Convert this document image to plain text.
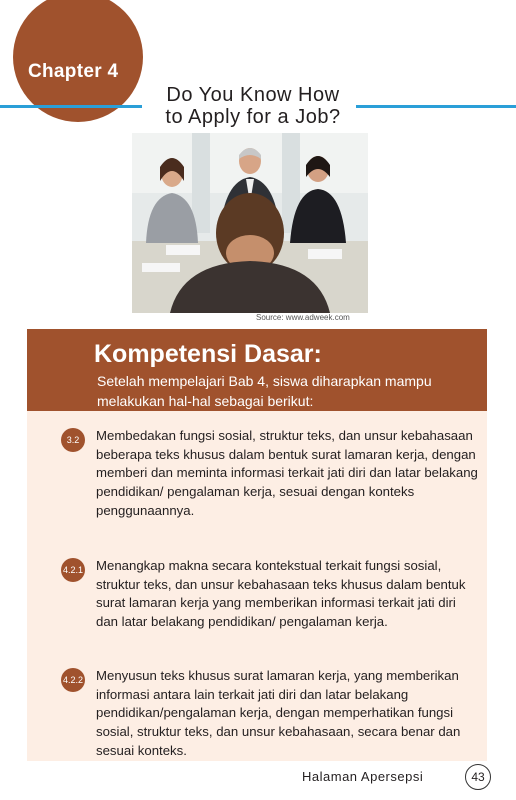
Chapter 4
Do You Know How
to Apply for a Job?
Source: www.adweek.com
Kompetensi Dasar:
Setelah mempelajari Bab 4, siswa diharapkan mampu
melakukan hal-hal sebagai berikut:
3.2	Membedakan fungsi sosial, struktur teks, dan unsur kebahasaan beberapa teks khusus dalam bentuk surat lamaran kerja, dengan memberi dan meminta informasi terkait jati diri dan latar belakang pendidikan/ pengalaman kerja, sesuai dengan konteks penggunaannya.
4.2.1 Menangkap makna secara kontekstual terkait fungsi sosial, struktur teks, dan unsur kebahasaan teks khusus dalam bentuk surat lamaran kerja yang memberikan informasi terkait jati diri dan latar belakang pendidikan/ pengalaman kerja.
4.2.2 Menyusun teks khusus surat lamaran kerja, yang memberikan informasi antara lain terkait jati diri dan latar belakang pendidikan/pengalaman kerja, dengan memperhatikan fungsi sosial, struktur teks, dan unsur kebahasaan, secara benar dan sesuai konteks.
Halaman Apersepsi	43
